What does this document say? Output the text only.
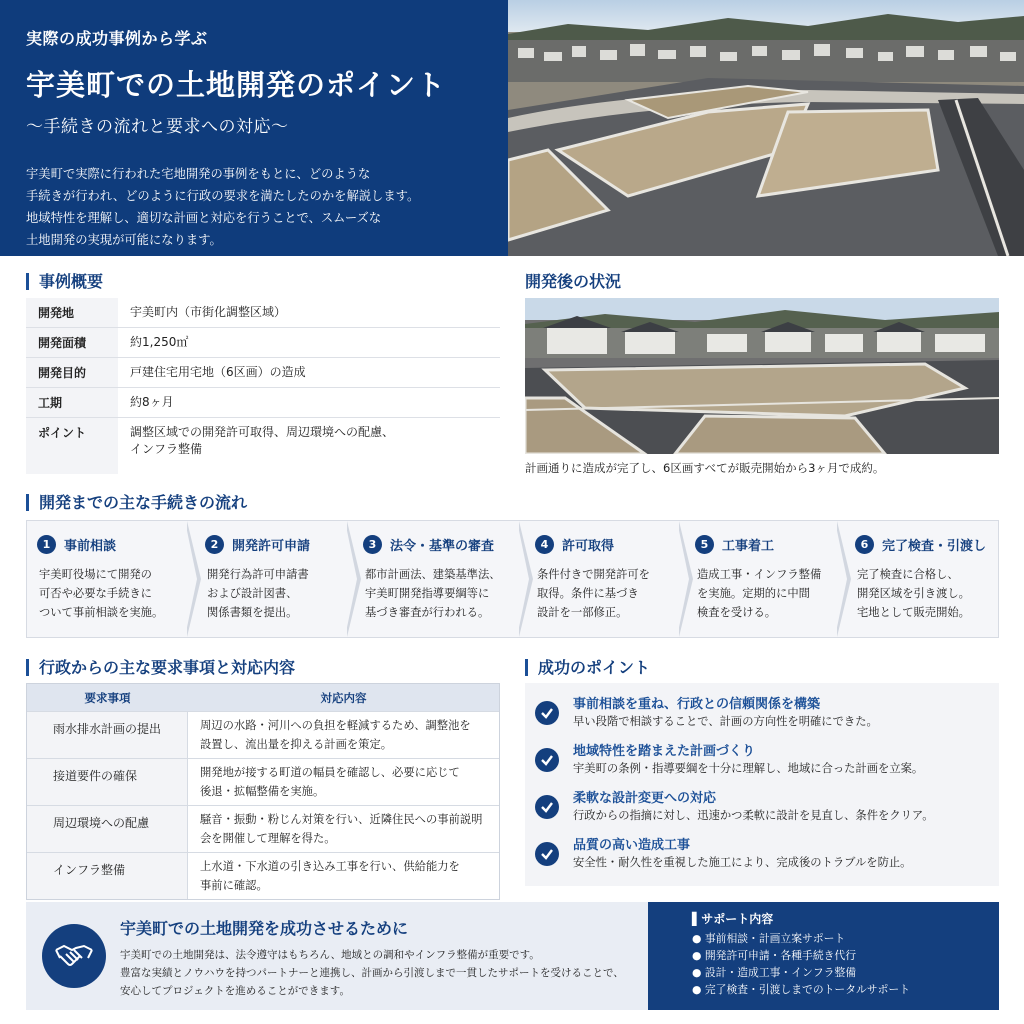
実際の成功事例から学ぶ
宇美町での土地開発のポイント
〜手続きの流れと要求への対応〜
宇美町で実際に行われた宅地開発の事例をもとに、どのような
手続きが行われ、どのように行政の要求を満たしたのかを解説します。
地域特性を理解し、適切な計画と対応を行うことで、スムーズな
土地開発の実現が可能になります。
事例概要
開発地	宇美町内（市街化調整区域）
開発面積	約1,250㎡
開発目的	戸建住宅用宅地（6区画）の造成
工期	約8ヶ月
ポイント	調整区域での開発許可取得、周辺環境への配慮、
インフラ整備
開発後の状況
計画通りに造成が完了し、6区画すべてが販売開始から3ヶ月で成約。
開発までの主な手続きの流れ
1	事前相談
宇美町役場にて開発の
可否や必要な手続きに
ついて事前相談を実施。
2	開発許可申請
開発行為許可申請書
および設計図書、
関係書類を提出。
3	法令・基準の審査
都市計画法、建築基準法、
宇美町開発指導要綱等に
基づき審査が行われる。
4	許可取得
条件付きで開発許可を
取得。条件に基づき
設計を一部修正。
5	工事着工
造成工事・インフラ整備
を実施。定期的に中間
検査を受ける。
6	完了検査・引渡し
完了検査に合格し、
開発区域を引き渡し。
宅地として販売開始。
行政からの主な要求事項と対応内容
要求事項	対応内容
雨水排水計画の提出	周辺の水路・河川への負担を軽減するため、調整池を
設置し、流出量を抑える計画を策定。
接道要件の確保	開発地が接する町道の幅員を確認し、必要に応じて
後退・拡幅整備を実施。
周辺環境への配慮	騒音・振動・粉じん対策を行い、近隣住民への事前説明
会を開催して理解を得た。
インフラ整備	上水道・下水道の引き込み工事を行い、供給能力を
事前に確認。
成功のポイント
事前相談を重ね、行政との信頼関係を構築
早い段階で相談することで、計画の方向性を明確にできた。
地域特性を踏まえた計画づくり
宇美町の条例・指導要綱を十分に理解し、地域に合った計画を立案。
柔軟な設計変更への対応
行政からの指摘に対し、迅速かつ柔軟に設計を見直し、条件をクリア。
品質の高い造成工事
安全性・耐久性を重視した施工により、完成後のトラブルを防止。
宇美町での土地開発を成功させるために
宇美町での土地開発は、法令遵守はもちろん、地域との調和やインフラ整備が重要です。
豊富な実績とノウハウを持つパートナーと連携し、計画から引渡しまで一貫したサポートを受けることで、
安心してプロジェクトを進めることができます。
▌サポート内容
● 事前相談・計画立案サポート
● 開発許可申請・各種手続き代行
● 設計・造成工事・インフラ整備
● 完了検査・引渡しまでのトータルサポート
